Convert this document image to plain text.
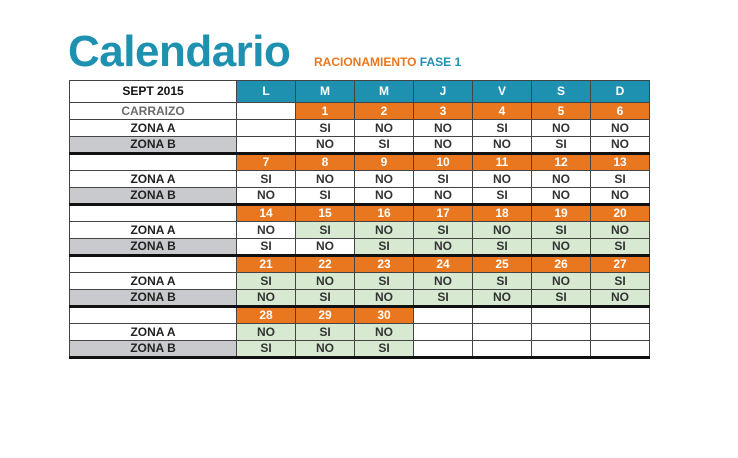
Calendario RACIONAMIENTO FASE 1
SEPT 2015	L	M	M	J	V	S	D
CARRAIZO		1	2	3	4	5	6
ZONA A		SI	NO	NO	SI	NO	NO
ZONA B		NO	SI	NO	NO	SI	NO
	7	8	9	10	11	12	13
ZONA A	SI	NO	NO	SI	NO	NO	SI
ZONA B	NO	SI	NO	NO	SI	NO	NO
	14	15	16	17	18	19	20
ZONA A	NO	SI	NO	SI	NO	SI	NO
ZONA B	SI	NO	SI	NO	SI	NO	SI
	21	22	23	24	25	26	27
ZONA A	SI	NO	SI	NO	SI	NO	SI
ZONA B	NO	SI	NO	SI	NO	SI	NO
	28	29	30				
ZONA A	NO	SI	NO				
ZONA B	SI	NO	SI				
